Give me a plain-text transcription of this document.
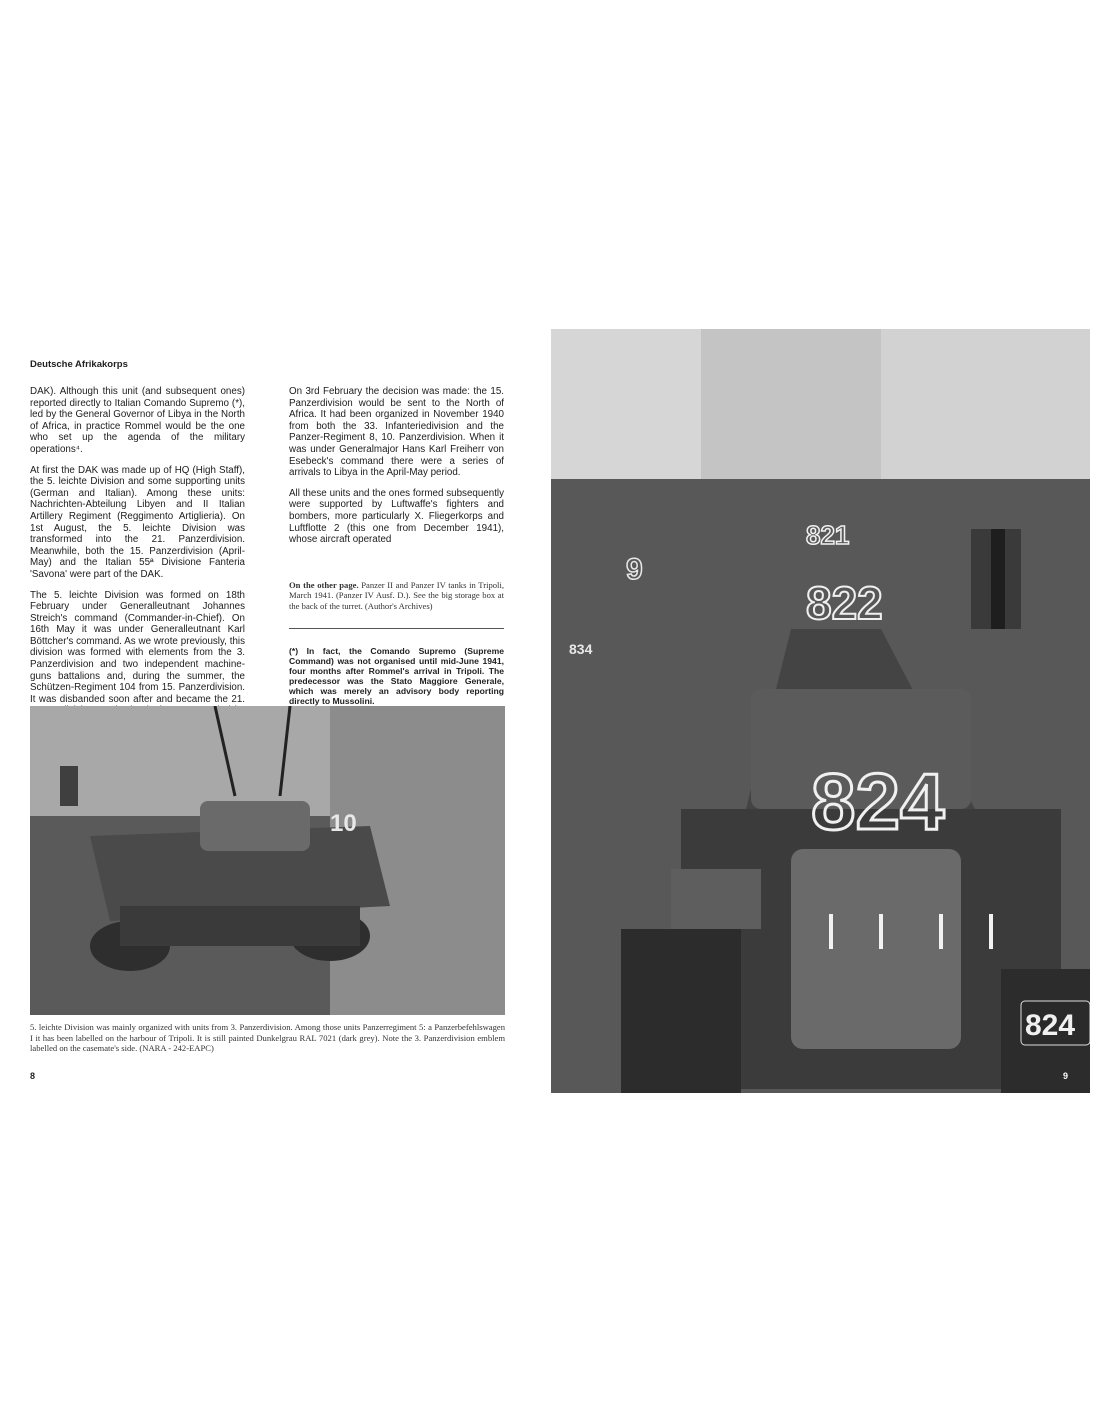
Deutsche Afrikakorps

DAK). Although this unit (and subsequent ones) reported directly to Italian Comando Supremo (*), led by the General Governor of Libya in the North of Africa, in practice Rommel would be the one who set up the agenda of the military operations⁴.

At first the DAK was made up of HQ (High Staff), the 5. leichte Division and some supporting units (German and Italian). Among these units: Nachrichten-Abteilung Libyen and II Italian Artillery Regiment (Reggimento Artiglieria). On 1st August, the 5. leichte Division was transformed into the 21. Panzerdivision. Meanwhile, both the 15. Panzerdivision (April-May) and the Italian 55ª Divisione Fanteria 'Savona' were part of the DAK.

The 5. leichte Division was formed on 18th February under Generalleutnant Johannes Streich's command (Commander-in-Chief). On 16th May it was under Generalleutnant Karl Böttcher's command. As we wrote previously, this division was formed with elements from the 3. Panzerdivision and two independent machine-guns battalions and, during the summer, the Schützen-Regiment 104 from 15. Panzerdivision. It was disbanded soon after and became the 21.

On 3rd February the decision was made: the 15. Panzerdivision would be sent to the North of Africa. It had been organized in November 1940 from both the 33. Infanteriedivision and the Panzer-Regiment 8, 10. Panzerdivision. When it was under Generalmajor Hans Karl Freiherr von Esebeck's command there were a series of arrivals to Libya in the April-May period.

All these units and the ones formed subsequently were supported by Luftwaffe's fighters and bombers, more particularly X. Fliegerkorps and Luftflotte 2 (this one from December 1941), whose aircraft operated

On the other page. Panzer II and Panzer IV tanks in Tripoli, March 1941. (Panzer IV Ausf. D.). See the big storage box at the back of the turret. (Author's Archives)
(*) In fact, the Comando Supremo (Supreme Command) was not organised until mid-June 1941, four months after Rommel's arrival in Tripoli. The predecessor was the Stato Maggiore Generale, which was merely an advisory body reporting directly to Mussolini.
10
5. leichte Division was mainly organized with units from 3. Panzerdivision. Among those units Panzerregiment 5: a Panzerbefehlswagen I it has been labelled on the harbour of Tripoli. It is still painted Dunkelgrau RAL 7021 (dark grey). Note the 3. Panzerdivision emblem labelled on the casemate's side. (NARA - 242-EAPC)
824
822
821
834
9
824
8	9
